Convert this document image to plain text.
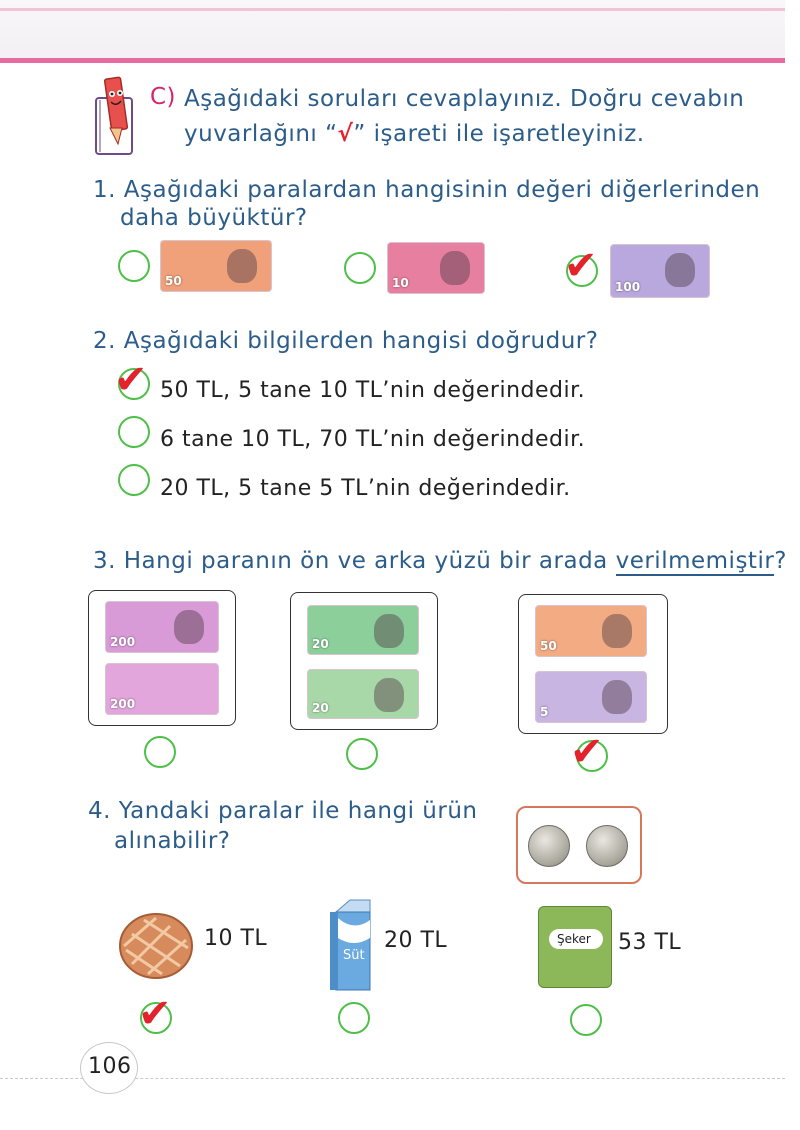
C) Aşağıdaki soruları cevaplayınız. Doğru cevabın
yuvarlağını “√” işareti ile işaretleyiniz.
1. Aşağıdaki paralardan hangisinin değeri diğerlerinden
daha büyüktür?
50	10	✔ 100
2. Aşağıdaki bilgilerden hangisi doğrudur?
✔ 50 TL, 5 tane 10 TL’nin değerindedir.
6 tane 10 TL, 70 TL’nin değerindedir.
20 TL, 5 tane 5 TL’nin değerindedir.
3. Hangi paranın ön ve arka yüzü bir arada verilmemiştir?
200
200
20
20
50
5
✔
4. Yandaki paralar ile hangi ürün
alınabilir?
10 TL
✔
Süt
20 TL	Şeker 53 TL
106
